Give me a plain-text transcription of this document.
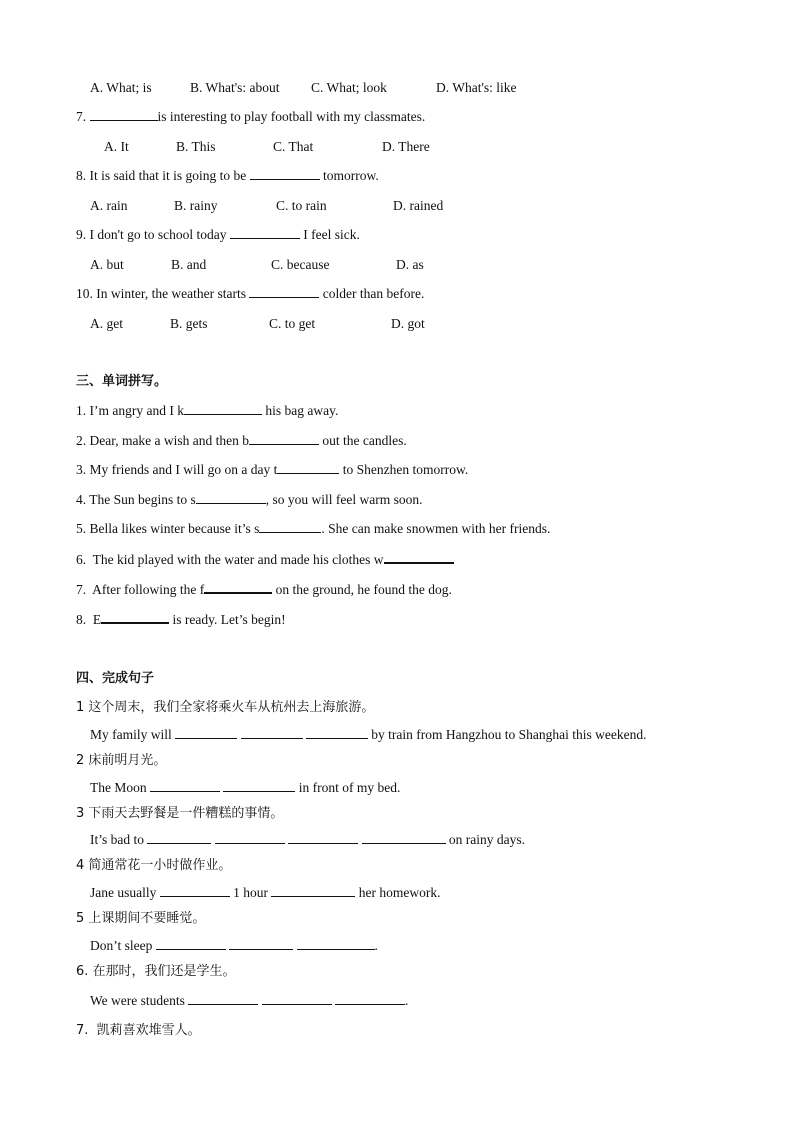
A. What; is	B. What's: about C. What; look	D. What's: like
7.	is interesting to play football with my classmates.
A. It	B. This	C. That	D. There
8. It is said that it is going to be	tomorrow.
A. rain	B. rainy	C. to rain	D. rained
9. I don't go to school today	I feel sick.
A. but	B. and	C. because	D. as
10. In winter, the weather starts	colder than before.
A. get	B. gets	C. to get	D. got
三、单词拼写。
1. I’m angry and I k	his bag away.
2. Dear, make a wish and then b	out the candles.
3. My friends and I will go on a day t	to Shenzhen tomorrow.
4. The Sun begins to s	, so you will feel warm soon.
5. Bella likes winter because it’s s	. She can make snowmen with her friends.
6.  The kid played with the water and made his clothes w
7.  After following the f	on the ground, he found the dog.
8.  E	is ready. Let’s begin!
四、完成句子
1 这个周末，我们全家将乘火车从杭州去上海旅游。
My family will	by train from Hangzhou to Shanghai this weekend.
2 床前明月光。
The Moon	in front of my bed.
3 下雨天去野餐是一件糟糕的事情。
It’s bad to	on rainy days.
4 简通常花一小时做作业。
Jane usually	1 hour	her homework.
5 上课期间不要睡觉。
Don’t sleep	.
6. 在那时，我们还是学生。
We were students	.
7.  凯莉喜欢堆雪人。
